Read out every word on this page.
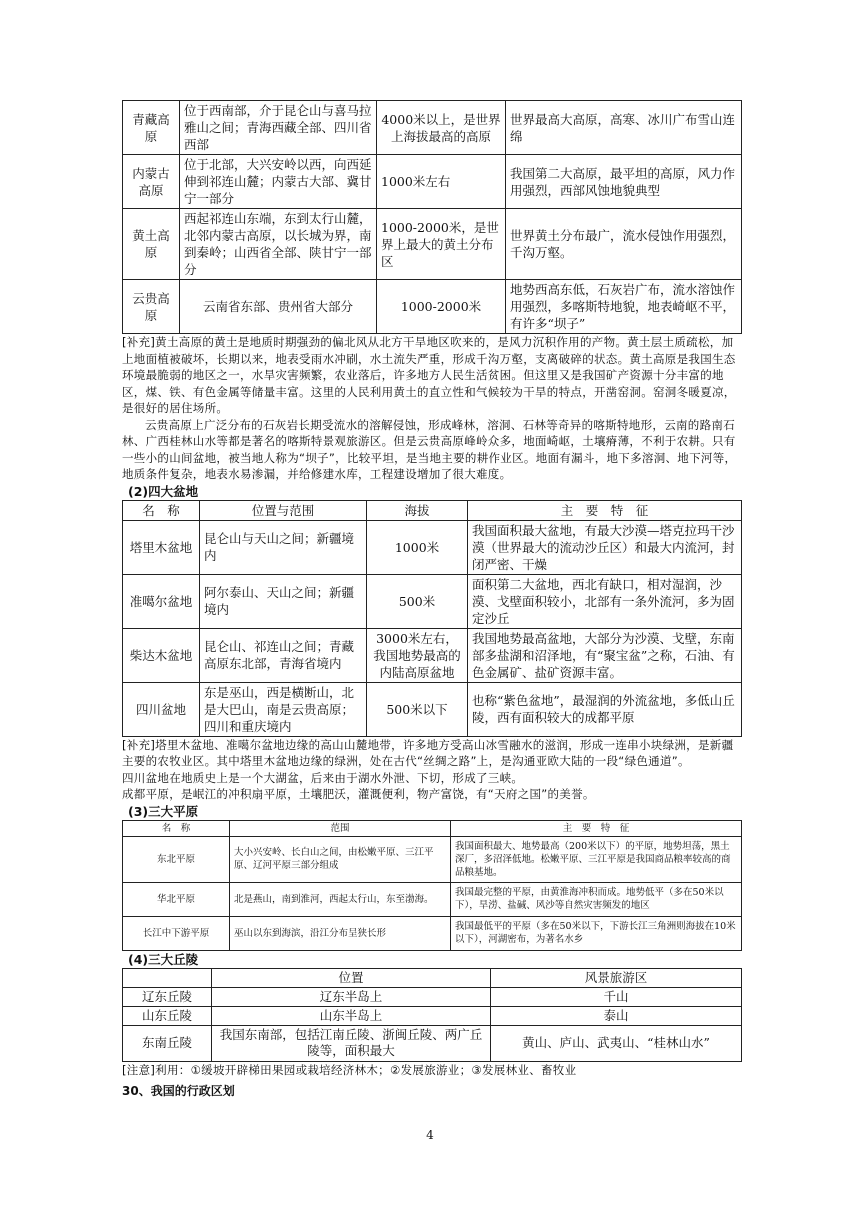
青藏高原	位于西南部，介于昆仑山与喜马拉雅山之间；青海西藏全部、四川省西部	4000米以上，是世界上海拔最高的高原	世界最高大高原，高寒、冰川广布雪山连绵
内蒙古高原	位于北部，大兴安岭以西，向西延伸到祁连山麓；内蒙古大部、冀甘宁一部分	1000米左右	我国第二大高原，最平坦的高原，风力作用强烈，西部风蚀地貌典型
黄土高原	西起祁连山东端，东到太行山麓，北邻内蒙古高原，以长城为界，南到秦岭；山西省全部、陕甘宁一部分	1000-2000米，是世界上最大的黄土分布区	世界黄土分布最广，流水侵蚀作用强烈，千沟万壑。
云贵高原	云南省东部、贵州省大部分	1000-2000米	地势西高东低，石灰岩广布，流水溶蚀作用强烈，多喀斯特地貌，地表崎岖不平，有许多“坝子”

[补充]黄土高原的黄土是地质时期强劲的偏北风从北方干旱地区吹来的，是风力沉积作用的产物。黄土层土质疏松，加上地面植被破坏，长期以来，地表受雨水冲刷，水土流失严重，形成千沟万壑，支离破碎的状态。黄土高原是我国生态环境最脆弱的地区之一，水旱灾害频繁，农业落后，许多地方人民生活贫困。但这里又是我国矿产资源十分丰富的地区，煤、铁、有色金属等储量丰富。这里的人民利用黄土的直立性和气候较为干旱的特点，开凿窑洞。窑洞冬暖夏凉，是很好的居住场所。

云贵高原上广泛分布的石灰岩长期受流水的溶解侵蚀，形成峰林，溶洞、石林等奇异的喀斯特地形，云南的路南石林、广西桂林山水等都是著名的喀斯特景观旅游区。但是云贵高原峰岭众多，地面崎岖，土壤瘠薄，不利于农耕。只有一些小的山间盆地，被当地人称为“坝子”，比较平坦，是当地主要的耕作业区。地面有漏斗，地下多溶洞、地下河等，地质条件复杂，地表水易渗漏，并给修建水库，工程建设增加了很大难度。

(2)四大盆地
名　称	位置与范围	海拔	主　要　特　征
塔里木盆地	昆仑山与天山之间；新疆境内	1000米	我国面积最大盆地，有最大沙漠—塔克拉玛干沙漠（世界最大的流动沙丘区）和最大内流河，封闭严密、干燥
准噶尔盆地	阿尔泰山、天山之间；新疆境内	500米	面积第二大盆地，西北有缺口，相对湿润，沙漠、戈壁面积较小，北部有一条外流河，多为固定沙丘
柴达木盆地	昆仑山、祁连山之间；青藏高原东北部，青海省境内	3000米左右，我国地势最高的内陆高原盆地	我国地势最高盆地，大部分为沙漠、戈壁，东南部多盐湖和沼泽地，有“聚宝盆”之称，石油、有色金属矿、盐矿资源丰富。
四川盆地	东是巫山，西是横断山，北是大巴山，南是云贵高原；四川和重庆境内	500米以下	也称“紫色盆地”，最湿润的外流盆地，多低山丘陵，西有面积较大的成都平原

[补充]塔里木盆地、准噶尔盆地边缘的高山山麓地带，许多地方受高山冰雪融水的滋润，形成一连串小块绿洲，是新疆主要的农牧业区。其中塔里木盆地边缘的绿洲，处在古代“丝绸之路”上，是沟通亚欧大陆的一段“绿色通道”。

四川盆地在地质史上是一个大湖盆，后来由于湖水外泄、下切，形成了三峡。

成都平原，是岷江的冲积扇平原，土壤肥沃，灌溉便利，物产富饶，有“天府之国”的美誉。

(3)三大平原
名　称	范围	主　要　特　征
东北平原	大小兴安岭、长白山之间，由松嫩平原、三江平原、辽河平原三部分组成	我国面积最大、地势最高（200米以下）的平原，地势坦荡，黑土深厂，多沼泽低地。松嫩平原、三江平原是我国商品粮率较高的商品粮基地。
华北平原	北是燕山，南到淮河，西起太行山，东至渤海。	我国最完整的平原，由黄淮海冲积而成。地势低平（多在50米以下），旱涝、盐碱、风沙等自然灾害频发的地区
长江中下游平原	巫山以东到海滨，沿江分布呈狭长形	我国最低平的平原（多在50米以下，下游长江三角洲则海拔在10米以下），河湖密布，为著名水乡
(4)三大丘陵
	位置	风景旅游区
辽东丘陵	辽东半岛上	千山
山东丘陵	山东半岛上	泰山
东南丘陵	我国东南部，包括江南丘陵、浙闽丘陵、两广丘陵等，面积最大	黄山、庐山、武夷山、“桂林山水”

[注意]利用：①缓坡开辟梯田果园或栽培经济林木；②发展旅游业；③发展林业、畜牧业

30、我国的行政区划
4
